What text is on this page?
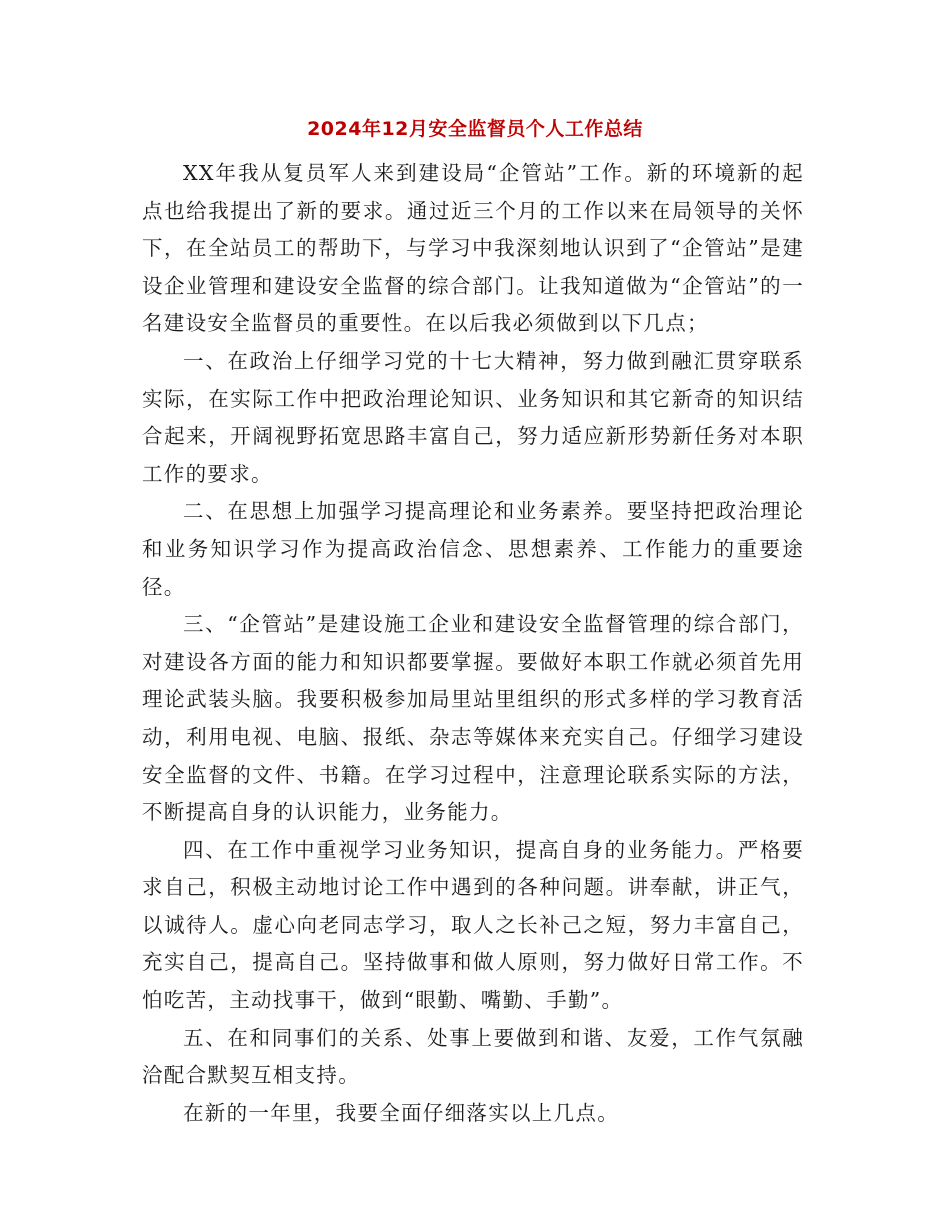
2024年12月安全监督员个人工作总结

XX年我从复员军人来到建设局“企管站”工作。新的环境新的起点也给我提出了新的要求。通过近三个月的工作以来在局领导的关怀下，在全站员工的帮助下，与学习中我深刻地认识到了“企管站”是建设企业管理和建设安全监督的综合部门。让我知道做为“企管站”的一名建设安全监督员的重要性。在以后我必须做到以下几点；

一、在政治上仔细学习党的十七大精神，努力做到融汇贯穿联系实际，在实际工作中把政治理论知识、业务知识和其它新奇的知识结合起来，开阔视野拓宽思路丰富自己，努力适应新形势新任务对本职工作的要求。

二、在思想上加强学习提高理论和业务素养。要坚持把政治理论和业务知识学习作为提高政治信念、思想素养、工作能力的重要途径。

三、“企管站”是建设施工企业和建设安全监督管理的综合部门，对建设各方面的能力和知识都要掌握。要做好本职工作就必须首先用理论武装头脑。我要积极参加局里站里组织的形式多样的学习教育活动，利用电视、电脑、报纸、杂志等媒体来充实自己。仔细学习建设安全监督的文件、书籍。在学习过程中，注意理论联系实际的方法，不断提高自身的认识能力，业务能力。

四、在工作中重视学习业务知识，提高自身的业务能力。严格要求自己，积极主动地讨论工作中遇到的各种问题。讲奉献，讲正气，以诚待人。虚心向老同志学习，取人之长补己之短，努力丰富自己，充实自己，提高自己。坚持做事和做人原则，努力做好日常工作。不怕吃苦，主动找事干，做到“眼勤、嘴勤、手勤”。

五、在和同事们的关系、处事上要做到和谐、友爱，工作气氛融洽配合默契互相支持。

在新的一年里，我要全面仔细落实以上几点。
